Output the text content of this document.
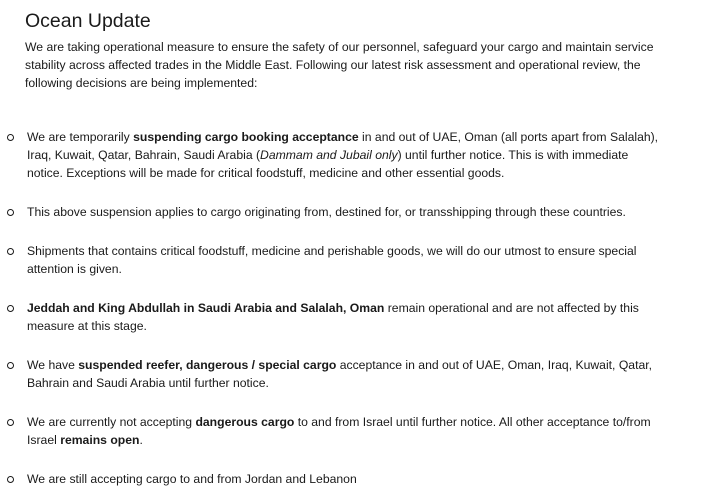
Ocean Update

We are taking operational measure to ensure the safety of our personnel, safeguard your cargo and maintain service stability across affected trades in the Middle East. Following our latest risk assessment and operational review, the following decisions are being implemented:

We are temporarily suspending cargo booking acceptance in and out of UAE, Oman (all ports apart from Salalah), Iraq, Kuwait, Qatar, Bahrain, Saudi Arabia (Dammam and Jubail only) until further notice. This is with immediate notice. Exceptions will be made for critical foodstuff, medicine and other essential goods.
This above suspension applies to cargo originating from, destined for, or transshipping through these countries.
Shipments that contains critical foodstuff, medicine and perishable goods, we will do our utmost to ensure special attention is given.
Jeddah and King Abdullah in Saudi Arabia and Salalah, Oman remain operational and are not affected by this measure at this stage.
We have suspended reefer, dangerous / special cargo acceptance in and out of UAE, Oman, Iraq, Kuwait, Qatar, Bahrain and Saudi Arabia until further notice.
We are currently not accepting dangerous cargo to and from Israel until further notice. All other acceptance to/from Israel remains open.
We are still accepting cargo to and from Jordan and Lebanon
